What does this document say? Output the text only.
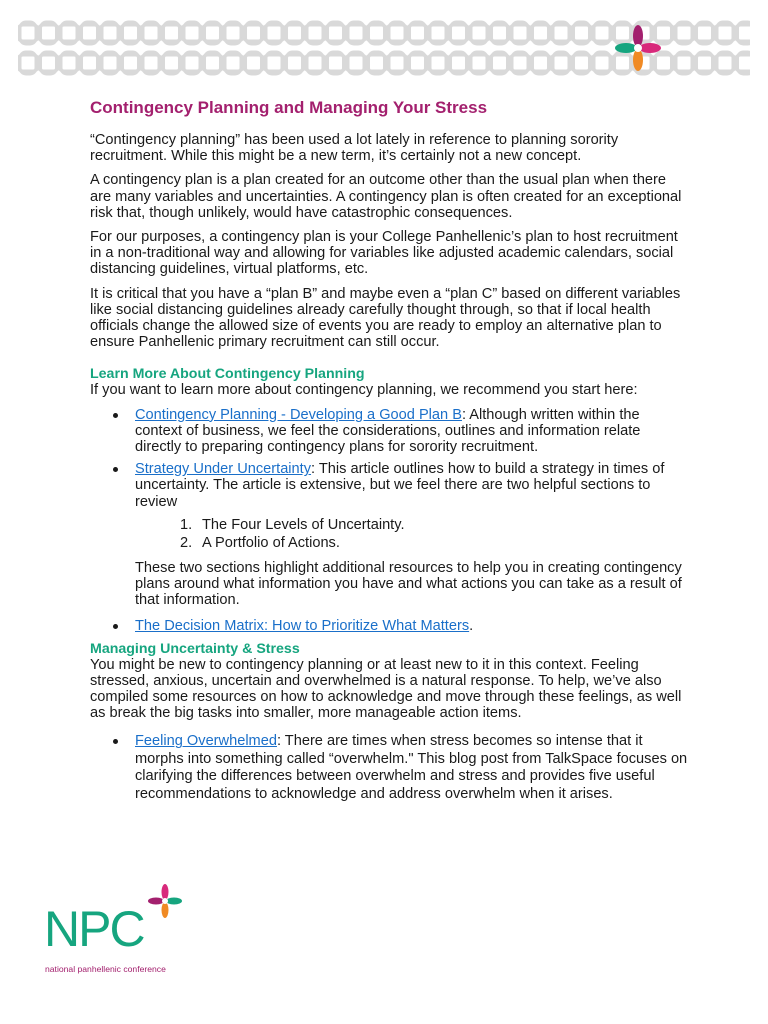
Contingency Planning and Managing Your Stress

“Contingency planning” has been used a lot lately in reference to planning sorority recruitment. While this might be a new term, it’s certainly not a new concept.

A contingency plan is a plan created for an outcome other than the usual plan when there are many variables and uncertainties. A contingency plan is often created for an exceptional risk that, though unlikely, would have catastrophic consequences.

For our purposes, a contingency plan is your College Panhellenic’s plan to host recruitment in a non-traditional way and allowing for variables like adjusted academic calendars, social distancing guidelines, virtual platforms, etc.

It is critical that you have a “plan B” and maybe even a “plan C” based on different variables like social distancing guidelines already carefully thought through, so that if local health officials change the allowed size of events you are ready to employ an alternative plan to ensure Panhellenic primary recruitment can still occur.

Learn More About Contingency Planning

If you want to learn more about contingency planning, we recommend you start here:

Contingency Planning - Developing a Good Plan B: Although written within the context of business, we feel the considerations, outlines and information relate directly to preparing contingency plans for sorority recruitment.
Strategy Under Uncertainty: This article outlines how to build a strategy in times of uncertainty. The article is extensive, but we feel there are two helpful sections to review
1. The Four Levels of Uncertainty.
2. A Portfolio of Actions.

These two sections highlight additional resources to help you in creating contingency plans around what information you have and what actions you can take as a result of that information.

The Decision Matrix: How to Prioritize What Matters.
Managing Uncertainty & Stress

You might be new to contingency planning or at least new to it in this context. Feeling stressed, anxious, uncertain and overwhelmed is a natural response. To help, we’ve also compiled some resources on how to acknowledge and move through these feelings, as well as break the big tasks into smaller, more manageable action items.

Feeling Overwhelmed: There are times when stress becomes so intense that it morphs into something called “overwhelm." This blog post from TalkSpace focuses on clarifying the differences between overwhelm and stress and provides five useful recommendations to acknowledge and address overwhelm when it arises.
NPC
national panhellenic conference
